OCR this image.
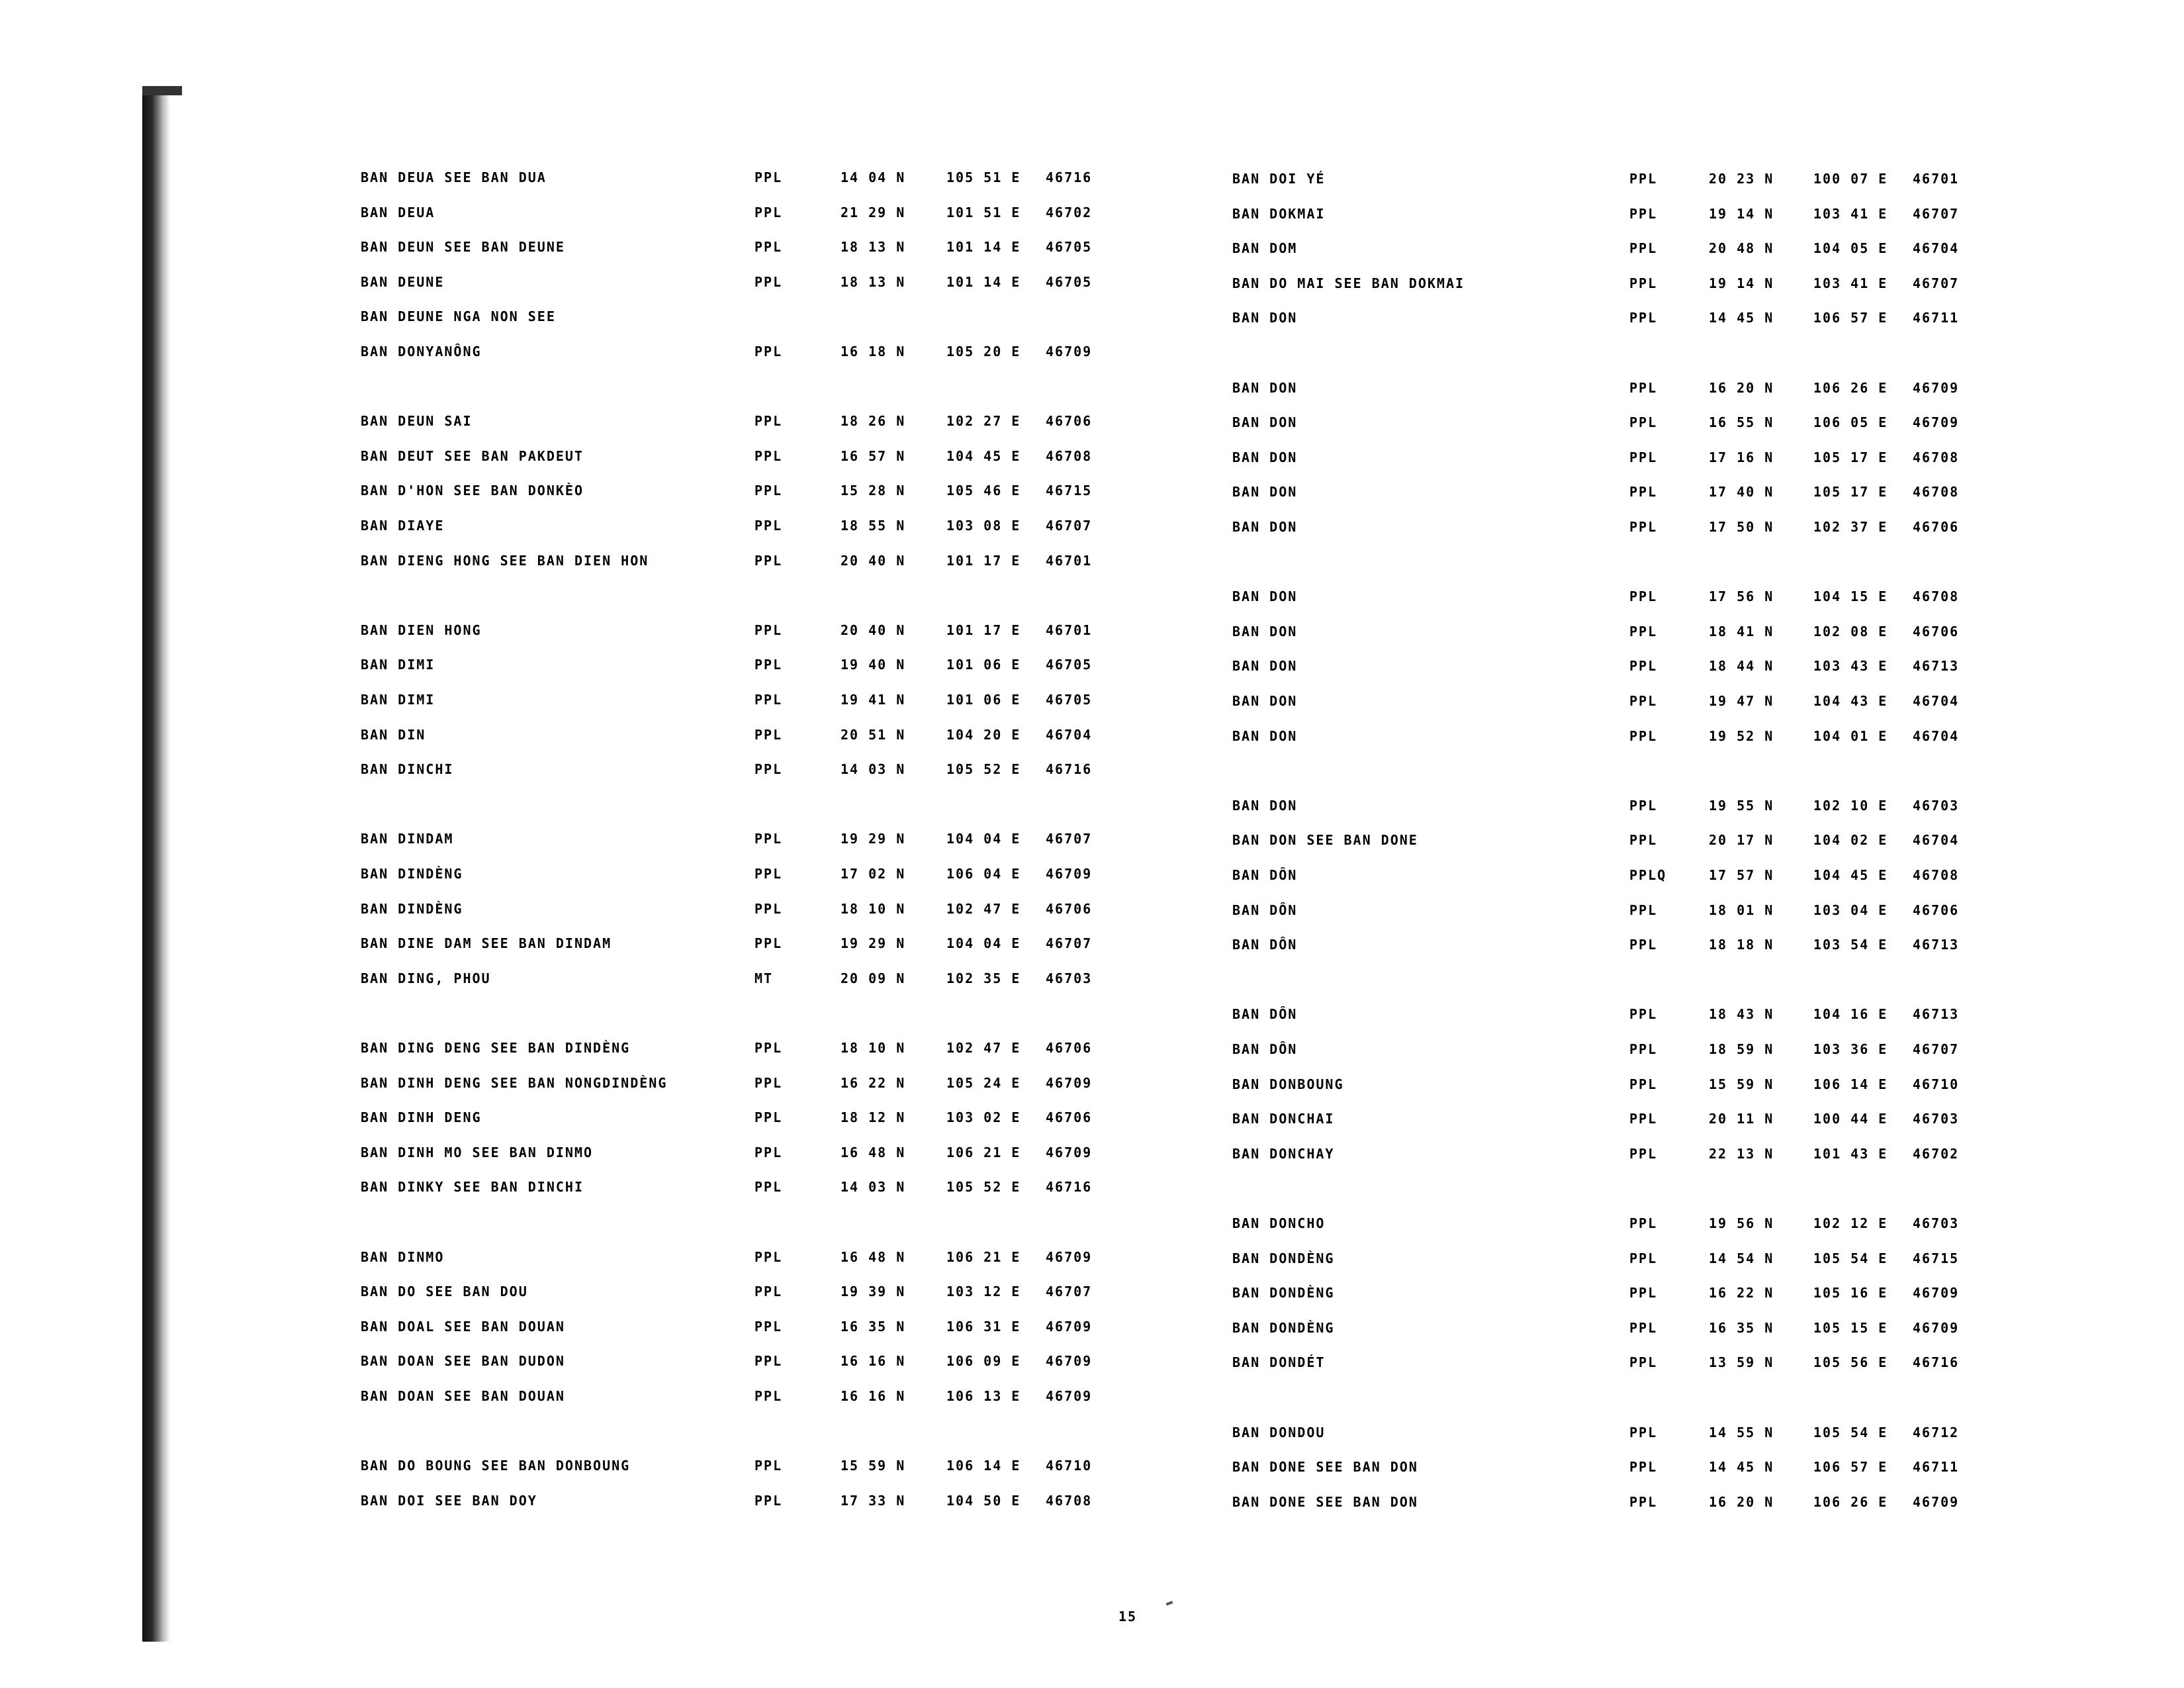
BAN DEUA SEE BAN DUA	PPL	14 04 N	105 51 E 46716
BAN DEUA	PPL	21 29 N	101 51 E 46702
BAN DEUN SEE BAN DEUNE	PPL	18 13 N	101 14 E 46705
BAN DEUNE	PPL	18 13 N	101 14 E 46705
BAN DEUNE NGA NON SEE
BAN DONYANÔNG	PPL	16 18 N	105 20 E 46709
BAN DEUN SAI	PPL	18 26 N	102 27 E 46706
BAN DEUT SEE BAN PAKDEUT	PPL	16 57 N	104 45 E 46708
BAN D'HON SEE BAN DONKÈO	PPL	15 28 N	105 46 E 46715
BAN DIAYE	PPL	18 55 N	103 08 E 46707
BAN DIENG HONG SEE BAN DIEN HON	PPL	20 40 N	101 17 E 46701
BAN DIEN HONG	PPL	20 40 N	101 17 E 46701
BAN DIMI	PPL	19 40 N	101 06 E 46705
BAN DIMI	PPL	19 41 N	101 06 E 46705
BAN DIN	PPL	20 51 N	104 20 E 46704
BAN DINCHI	PPL	14 03 N	105 52 E 46716
BAN DINDAM	PPL	19 29 N	104 04 E 46707
BAN DINDÈNG	PPL	17 02 N	106 04 E 46709
BAN DINDÈNG	PPL	18 10 N	102 47 E 46706
BAN DINE DAM SEE BAN DINDAM	PPL	19 29 N	104 04 E 46707
BAN DING, PHOU	MT	20 09 N	102 35 E 46703
BAN DING DENG SEE BAN DINDÈNG	PPL	18 10 N	102 47 E 46706
BAN DINH DENG SEE BAN NONGDINDÈNG	PPL	16 22 N	105 24 E 46709
BAN DINH DENG	PPL	18 12 N	103 02 E 46706
BAN DINH MO SEE BAN DINMO	PPL	16 48 N	106 21 E 46709
BAN DINKY SEE BAN DINCHI	PPL	14 03 N	105 52 E 46716
BAN DINMO	PPL	16 48 N	106 21 E 46709
BAN DO SEE BAN DOU	PPL	19 39 N	103 12 E 46707
BAN DOAL SEE BAN DOUAN	PPL	16 35 N	106 31 E 46709
BAN DOAN SEE BAN DUDON	PPL	16 16 N	106 09 E 46709
BAN DOAN SEE BAN DOUAN	PPL	16 16 N	106 13 E 46709
BAN DO BOUNG SEE BAN DONBOUNG	PPL	15 59 N	106 14 E 46710
BAN DOI SEE BAN DOY	PPL	17 33 N	104 50 E 46708
BAN DOI YÉ	PPL	20 23 N	100 07 E 46701
BAN DOKMAI	PPL	19 14 N	103 41 E 46707
BAN DOM	PPL	20 48 N	104 05 E 46704
BAN DO MAI SEE BAN DOKMAI	PPL	19 14 N	103 41 E 46707
BAN DON	PPL	14 45 N	106 57 E 46711
BAN DON	PPL	16 20 N	106 26 E 46709
BAN DON	PPL	16 55 N	106 05 E 46709
BAN DON	PPL	17 16 N	105 17 E 46708
BAN DON	PPL	17 40 N	105 17 E 46708
BAN DON	PPL	17 50 N	102 37 E 46706
BAN DON	PPL	17 56 N	104 15 E 46708
BAN DON	PPL	18 41 N	102 08 E 46706
BAN DON	PPL	18 44 N	103 43 E 46713
BAN DON	PPL	19 47 N	104 43 E 46704
BAN DON	PPL	19 52 N	104 01 E 46704
BAN DON	PPL	19 55 N	102 10 E 46703
BAN DON SEE BAN DONE	PPL	20 17 N	104 02 E 46704
BAN DÔN	PPLQ	17 57 N	104 45 E 46708
BAN DÔN	PPL	18 01 N	103 04 E 46706
BAN DÔN	PPL	18 18 N	103 54 E 46713
BAN DÔN	PPL	18 43 N	104 16 E 46713
BAN DÔN	PPL	18 59 N	103 36 E 46707
BAN DONBOUNG	PPL	15 59 N	106 14 E 46710
BAN DONCHAI	PPL	20 11 N	100 44 E 46703
BAN DONCHAY	PPL	22 13 N	101 43 E 46702
BAN DONCHO	PPL	19 56 N	102 12 E 46703
BAN DONDÈNG	PPL	14 54 N	105 54 E 46715
BAN DONDÈNG	PPL	16 22 N	105 16 E 46709
BAN DONDÈNG	PPL	16 35 N	105 15 E 46709
BAN DONDÉT	PPL	13 59 N	105 56 E 46716
BAN DONDOU	PPL	14 55 N	105 54 E 46712
BAN DONE SEE BAN DON	PPL	14 45 N	106 57 E 46711
BAN DONE SEE BAN DON	PPL	16 20 N	106 26 E 46709
15
